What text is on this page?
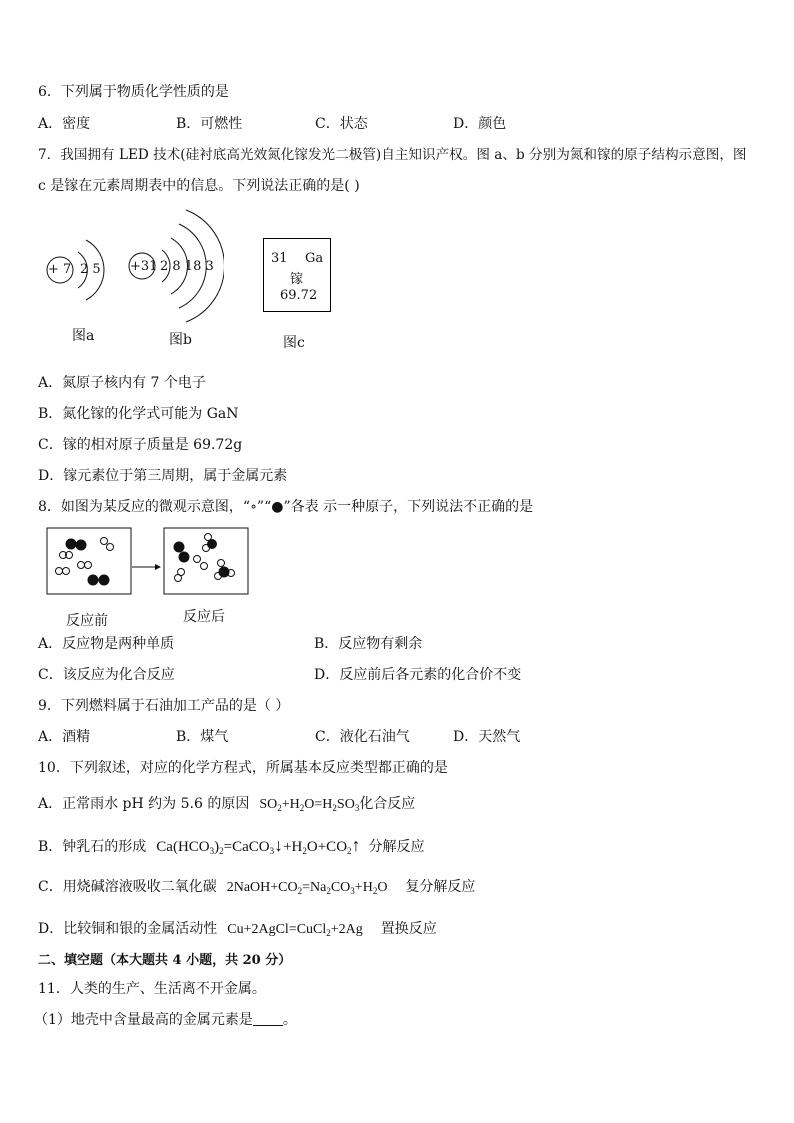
6．下列属于物质化学性质的是
A．密度	B．可燃性	C．状态	D．颜色
7．我国拥有 LED 技术(硅衬底高光效氮化镓发光二极管)自主知识产权。图 a、b 分别为氮和镓的原子结构示意图，图
c 是镓在元素周期表中的信息。下列说法正确的是( )
+ 7 2 5
图a
+31 2 8 18 3
图b
31 Ga
镓
69.72
图c
A．氮原子核内有 7 个电子
B．氮化镓的化学式可能为 GaN
C．镓的相对原子质量是 69.72g
D．镓元素位于第三周期，属于金属元素
8．如图为某反应的微观示意图，“∘”“●”各表 示一种原子，下列说法不正确的是
反应前	反应后
A．反应物是两种单质	B．反应物有剩余
C．该反应为化合反应	D．反应前后各元素的化合价不变
9．下列燃料属于石油加工产品的是（ ）
A．酒精	B．煤气	C．液化石油气	D．天然气
10．下列叙述，对应的化学方程式，所属基本反应类型都正确的是
A．正常雨水 pH 约为 5.6 的原因 $SO_2+H_2O=H_2SO_3$化合反应
B．钟乳石的形成 $Ca(HCO_3)_2=CaCO_3↓+H_2O+CO_2↑$ 分解反应
C．用烧碱溶液吸收二氧化碳 $2NaOH+CO_2=Na_2CO_3+H_2O$ 复分解反应
D．比较铜和银的金属活动性 Cu+2AgCl=CuCl$_2$+2Ag 置换反应
二、填空题（本大题共 4 小题，共 20 分）
11．人类的生产、生活离不开金属。
（1）地壳中含量最高的金属元素是 。
